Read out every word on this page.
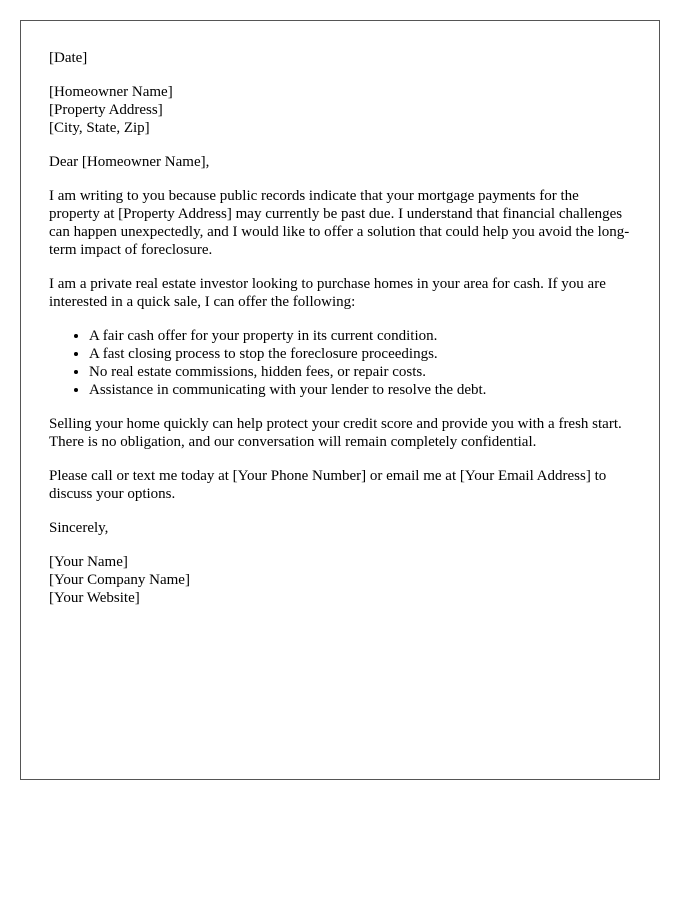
[Date]
[Homeowner Name]
[Property Address]
[City, State, Zip]

Dear [Homeowner Name],

I am writing to you because public records indicate that your mortgage payments for the property at [Property Address] may currently be past due. I understand that financial challenges can happen unexpectedly, and I would like to offer a solution that could help you avoid the long-term impact of foreclosure.

I am a private real estate investor looking to purchase homes in your area for cash. If you are interested in a quick sale, I can offer the following:

• A fair cash offer for your property in its current condition.
• A fast closing process to stop the foreclosure proceedings.
• No real estate commissions, hidden fees, or repair costs.
• Assistance in communicating with your lender to resolve the debt.

Selling your home quickly can help protect your credit score and provide you with a fresh start. There is no obligation, and our conversation will remain completely confidential.

Please call or text me today at [Your Phone Number] or email me at [Your Email Address] to discuss your options.

Sincerely,

[Your Name]
[Your Company Name]
[Your Website]
